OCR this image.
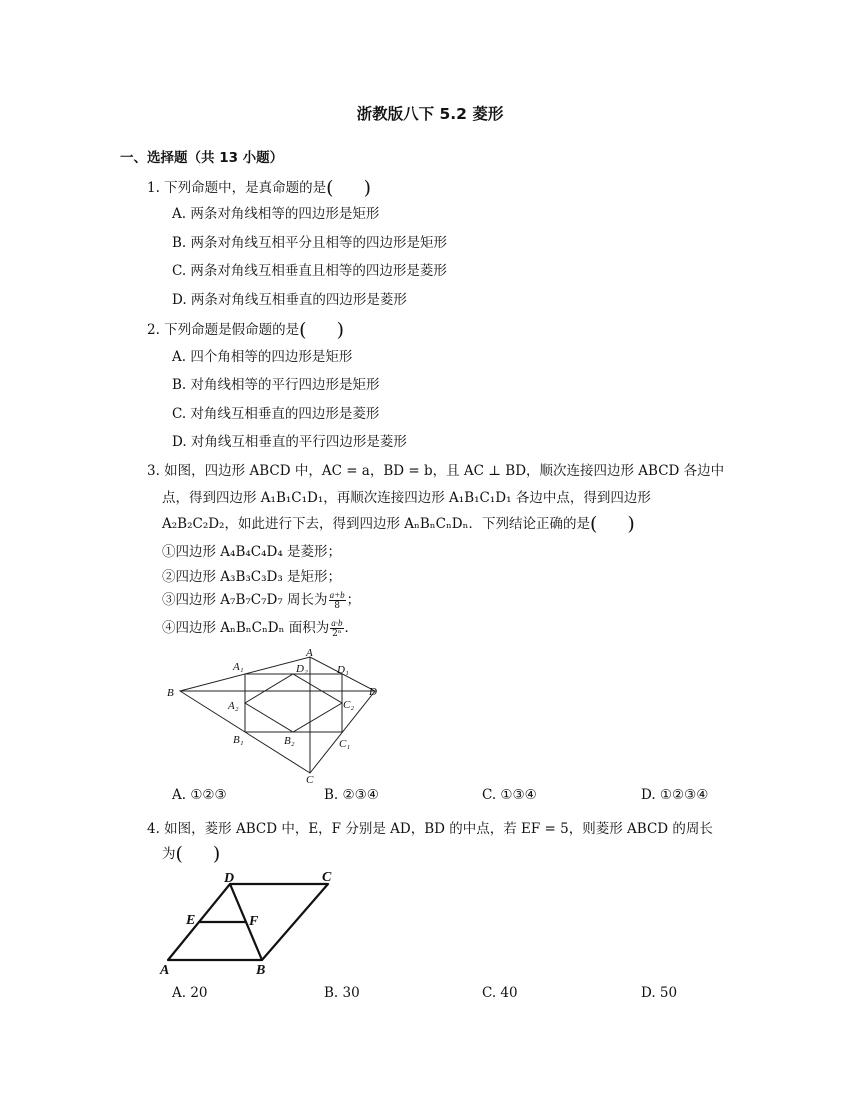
浙教版八下 5.2 菱形
一、选择题（共 13 小题）
1. 下列命题中，是真命题的是( )
A. 两条对角线相等的四边形是矩形
B. 两条对角线互相平分且相等的四边形是矩形
C. 两条对角线互相垂直且相等的四边形是菱形
D. 两条对角线互相垂直的四边形是菱形
2. 下列命题是假命题的是( )
A. 四个角相等的四边形是矩形
B. 对角线相等的平行四边形是矩形
C. 对角线互相垂直的四边形是菱形
D. 对角线互相垂直的平行四边形是菱形
3. 如图，四边形 ABCD 中，AC = a，BD = b，且 AC ⊥ BD，顺次连接四边形 ABCD 各边中
点，得到四边形 A₁B₁C₁D₁，再顺次连接四边形 A₁B₁C₁D₁ 各边中点，得到四边形
A₂B₂C₂D₂，如此进行下去，得到四边形 AₙBₙCₙDₙ．下列结论正确的是( )
①四边形 A₄B₄C₄D₄ 是菱形；
②四边形 A₃B₃C₃D₃ 是矩形；
③四边形 A₇B₇C₇D₇ 周长为 $\frac{a+b}{8}$ ；
④四边形 AₙBₙCₙDₙ 面积为 $\frac{a\cdot b}{\text{2ⁿ}}$ ．
A
B
C
D
A₁
B₁	C₁
D₁
A₂
B₂
C₂
D₂
A. ①②③	B. ②③④	C. ①③④	D. ①②③④
4. 如图，菱形 ABCD 中，E，F 分别是 AD，BD 的中点，若 EF = 5，则菱形 ABCD 的周长
为( )
A	B
C
D
E	F
A. 20	B. 30	C. 40	D. 50
